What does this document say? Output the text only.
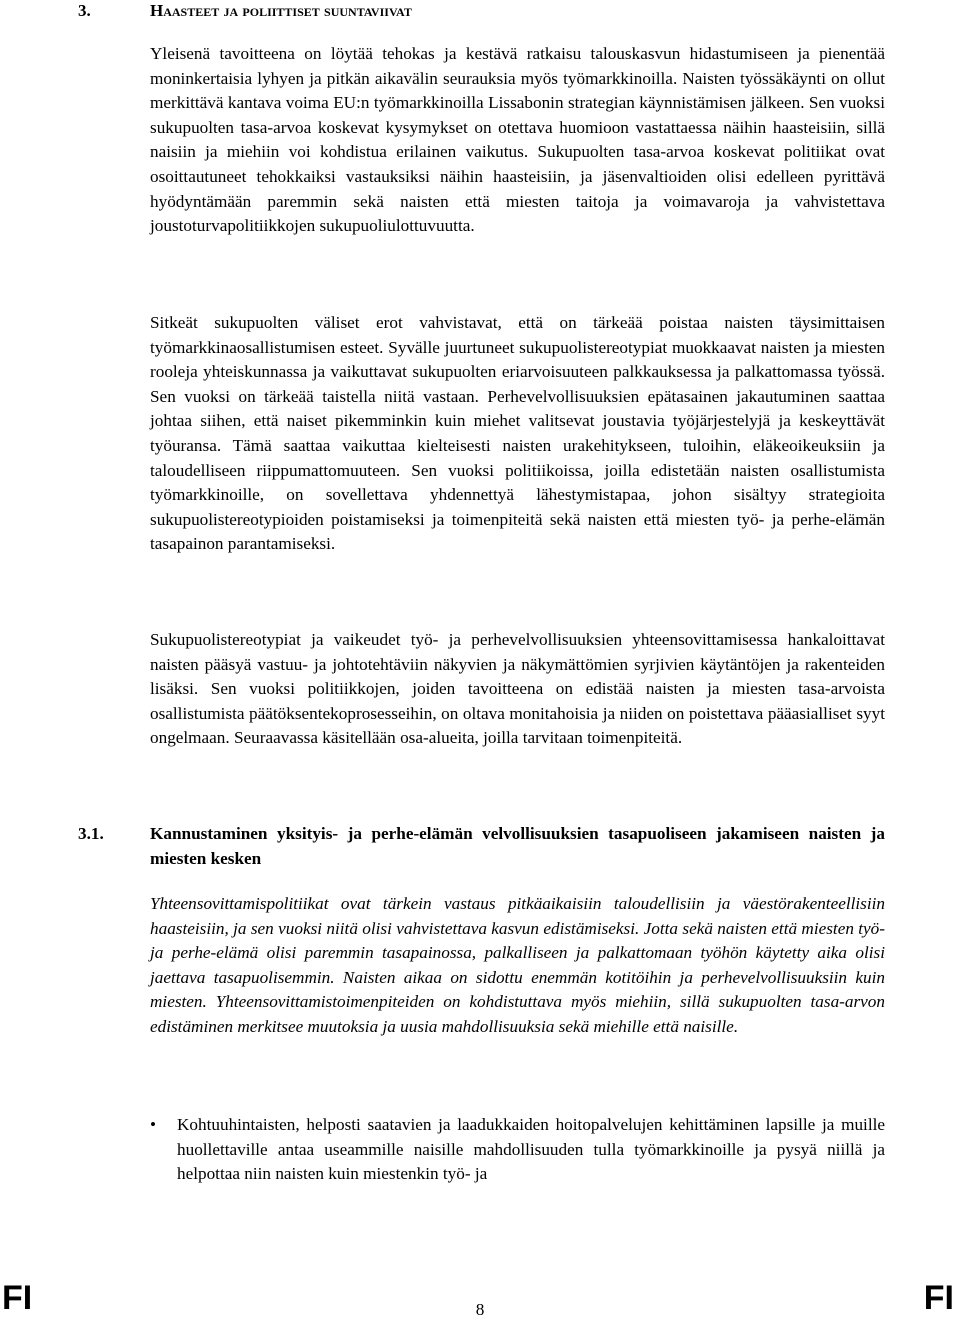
3.	Haasteet ja poliittiset suuntaviivat

Yleisenä tavoitteena on löytää tehokas ja kestävä ratkaisu talouskasvun hidastumiseen ja pienentää moninkertaisia lyhyen ja pitkän aikavälin seurauksia myös työmarkkinoilla. Naisten työssäkäynti on ollut merkittävä kantava voima EU:n työmarkkinoilla Lissabonin strategian käynnistämisen jälkeen. Sen vuoksi sukupuolten tasa-arvoa koskevat kysymykset on otettava huomioon vastattaessa näihin haasteisiin, sillä naisiin ja miehiin voi kohdistua erilainen vaikutus. Sukupuolten tasa-arvoa koskevat politiikat ovat osoittautuneet tehokkaiksi vastauksiksi näihin haasteisiin, ja jäsenvaltioiden olisi edelleen pyrittävä hyödyntämään paremmin sekä naisten että miesten taitoja ja voimavaroja ja vahvistettava joustoturvapolitiikkojen sukupuoliulottuvuutta.

Sitkeät sukupuolten väliset erot vahvistavat, että on tärkeää poistaa naisten täysimittaisen työmarkkinaosallistumisen esteet. Syvälle juurtuneet sukupuolistereotypiat muokkaavat naisten ja miesten rooleja yhteiskunnassa ja vaikuttavat sukupuolten eriarvoisuuteen palkkauksessa ja palkattomassa työssä. Sen vuoksi on tärkeää taistella niitä vastaan. Perhevelvollisuuksien epätasainen jakautuminen saattaa johtaa siihen, että naiset pikemminkin kuin miehet valitsevat joustavia työjärjestelyjä ja keskeyttävät työuransa. Tämä saattaa vaikuttaa kielteisesti naisten urakehitykseen, tuloihin, eläkeoikeuksiin ja taloudelliseen riippumattomuuteen. Sen vuoksi politiikoissa, joilla edistetään naisten osallistumista työmarkkinoille, on sovellettava yhdennettyä lähestymistapaa, johon sisältyy strategioita sukupuolistereotypioiden poistamiseksi ja toimenpiteitä sekä naisten että miesten työ- ja perhe-elämän tasapainon parantamiseksi.

Sukupuolistereotypiat ja vaikeudet työ- ja perhevelvollisuuksien yhteensovittamisessa hankaloittavat naisten pääsyä vastuu- ja johtotehtäviin näkyvien ja näkymättömien syrjivien käytäntöjen ja rakenteiden lisäksi. Sen vuoksi politiikkojen, joiden tavoitteena on edistää naisten ja miesten tasa-arvoista osallistumista päätöksentekoprosesseihin, on oltava monitahoisia ja niiden on poistettava pääasialliset syyt ongelmaan. Seuraavassa käsitellään osa-alueita, joilla tarvitaan toimenpiteitä.

3.1.	Kannustaminen yksityis- ja perhe-elämän velvollisuuksien tasapuoliseen jakamiseen naisten ja miesten kesken

Yhteensovittamispolitiikat ovat tärkein vastaus pitkäaikaisiin taloudellisiin ja väestörakenteellisiin haasteisiin, ja sen vuoksi niitä olisi vahvistettava kasvun edistämiseksi. Jotta sekä naisten että miesten työ- ja perhe-elämä olisi paremmin tasapainossa, palkalliseen ja palkattomaan työhön käytetty aika olisi jaettava tasapuolisemmin. Naisten aikaa on sidottu enemmän kotitöihin ja perhevelvollisuuksiin kuin miesten. Yhteensovittamistoimenpiteiden on kohdistuttava myös miehiin, sillä sukupuolten tasa-arvon edistäminen merkitsee muutoksia ja uusia mahdollisuuksia sekä miehille että naisille.

• Kohtuuhintaisten, helposti saatavien ja laadukkaiden hoitopalvelujen kehittäminen lapsille ja muille huollettaville antaa useammille naisille mahdollisuuden tulla työmarkkinoille ja pysyä niillä ja helpottaa niin naisten kuin miestenkin työ- ja
FI	8	FI
